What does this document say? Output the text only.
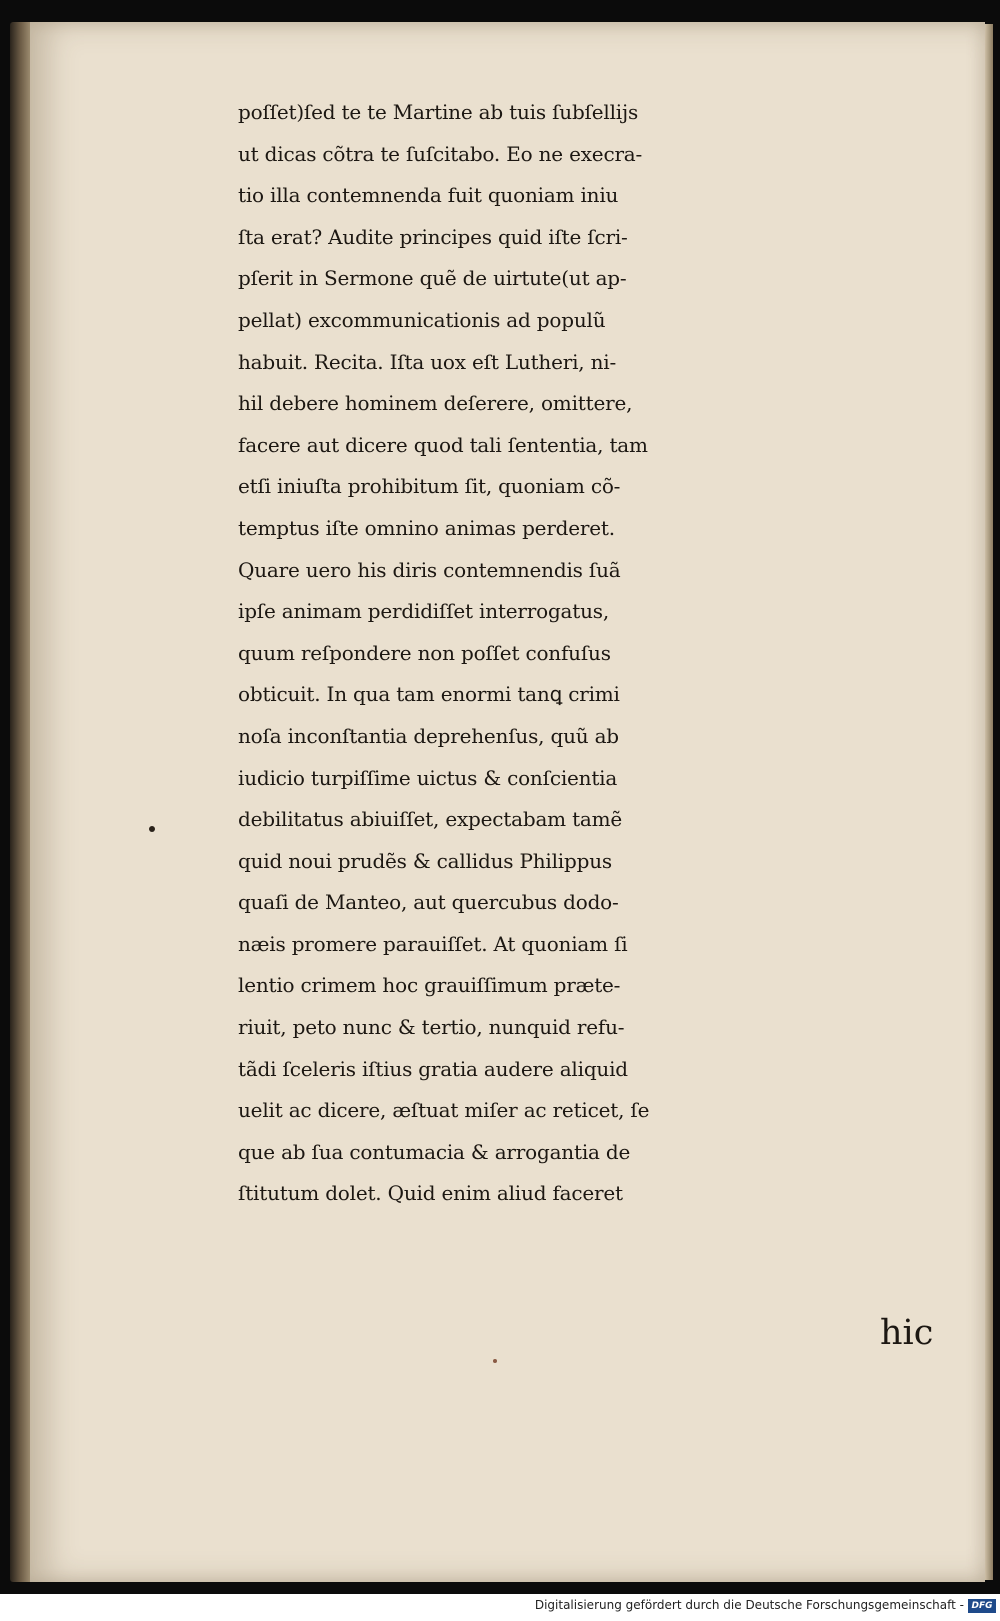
poſſet)ſed te te Martine ab tuis ſubſellijs
ut dicas cõtra te ſuſcitabo. Eo ne execra-
tio illa contemnenda fuit quoniam iniu
ſta erat? Audite principes quid iſte ſcri-
pſerit in Sermone quẽ de uirtute(ut ap-
pellat) excommunicationis ad populũ
habuit. Recita. Iſta uox eſt Lutheri, ni-
hil debere hominem deſerere, omittere,
facere aut dicere quod tali ſententia, tam
etſi iniuſta prohibitum ſit, quoniam cõ-
temptus iſte omnino animas perderet.
Quare uero his diris contemnendis ſuã
ipſe animam perdidiſſet interrogatus,
quum reſpondere non poſſet confuſus
obticuit. In qua tam enormi tanꝗ crimi
noſa inconſtantia deprehenſus, quũ ab
iudicio turpiſſime uictus & conſcientia
debilitatus abiuiſſet, expectabam tamẽ
quid noui prudẽs & callidus Philippus
quaſi de Manteo, aut quercubus dodo-
næis promere parauiſſet. At quoniam ſi
lentio crimem hoc grauiſſimum præte-
riuit, peto nunc & tertio, nunquid refu-
tãdi ſceleris iſtius gratia audere aliquid
uelit ac dicere, æſtuat miſer ac reticet, ſe
que ab ſua contumacia & arrogantia de
ſtitutum dolet. Quid enim aliud faceret
hic
Digitalisierung gefördert durch die Deutsche Forschungsgemeinschaft - DFG
